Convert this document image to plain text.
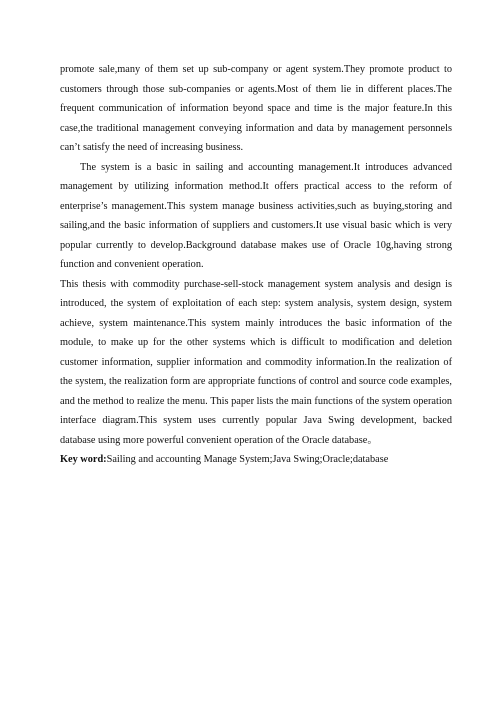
promote sale,many of them set up sub-company or agent system.They promote product to customers through those sub-companies or agents.Most of them lie in different places.The frequent communication of information beyond space and time is the major feature.In this case,the traditional management conveying information and data by management personnels can’t satisfy the need of increasing business.

The system is a basic in sailing and accounting management.It introduces advanced management by utilizing information method.It offers practical access to the reform of enterprise’s management.This system manage business activities,such as buying,storing and sailing,and the basic information of suppliers and customers.It use visual basic which is very popular currently to develop.Background database makes use of Oracle 10g,having strong function and convenient operation.

This thesis with commodity purchase-sell-stock management system analysis and design is introduced, the system of exploitation of each step: system analysis, system design, system achieve, system maintenance.This system mainly introduces the basic information of the module, to make up for the other systems which is difficult to modification and deletion customer information, supplier information and commodity information.In the realization of the system, the realization form are appropriate functions of control and source code examples, and the method to realize the menu. This paper lists the main functions of the system operation interface diagram.This system uses currently popular Java Swing development, backed database using more powerful convenient operation of the Oracle database。

Key word:Sailing and accounting Manage System;Java Swing;Oracle;database
